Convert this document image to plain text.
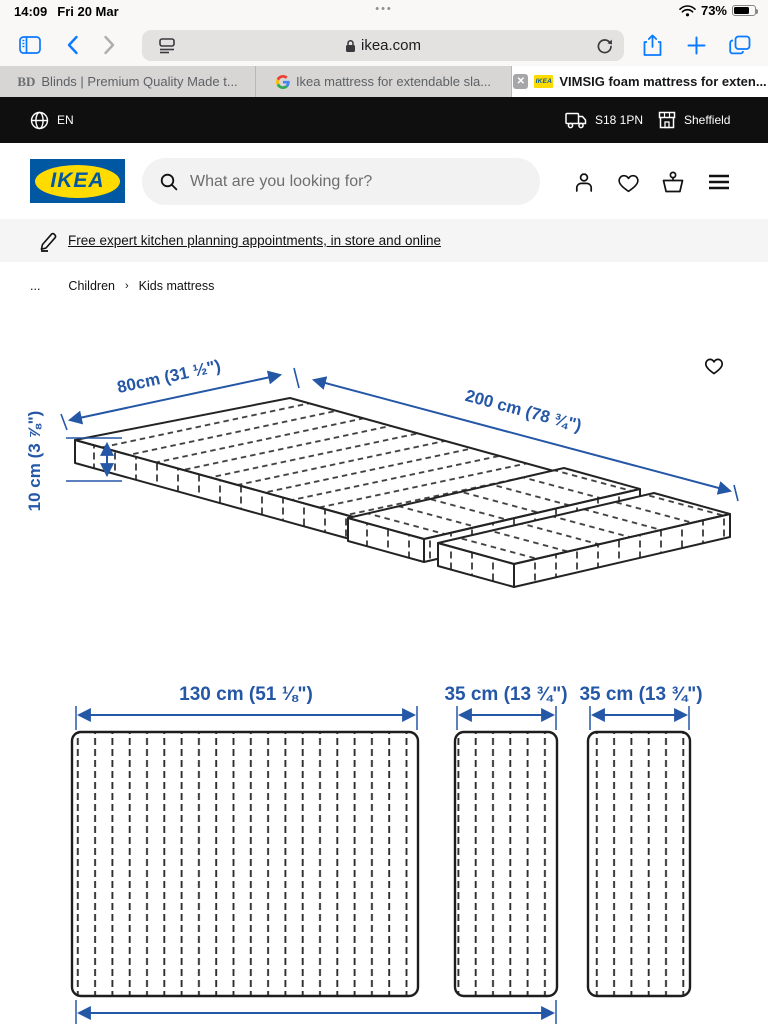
14:09 Fri 20 Mar	•••	73%
ikea.com
BD Blinds | Premium Quality Made t...	Ikea mattress for extendable sla...	✕	IKEA VIMSIG foam mattress for exten...
EN	S18 1PN	Sheffield
IKEA
®
What are you looking for?
Free expert kitchen planning appointments, in store and online
... Children › Kids mattress
80cm (31 ½")
200 cm (78 ¾")
10 cm (3 ⅞")
130 cm (51 ⅛")	35 cm (13 ¾") 35 cm (13 ¾")
